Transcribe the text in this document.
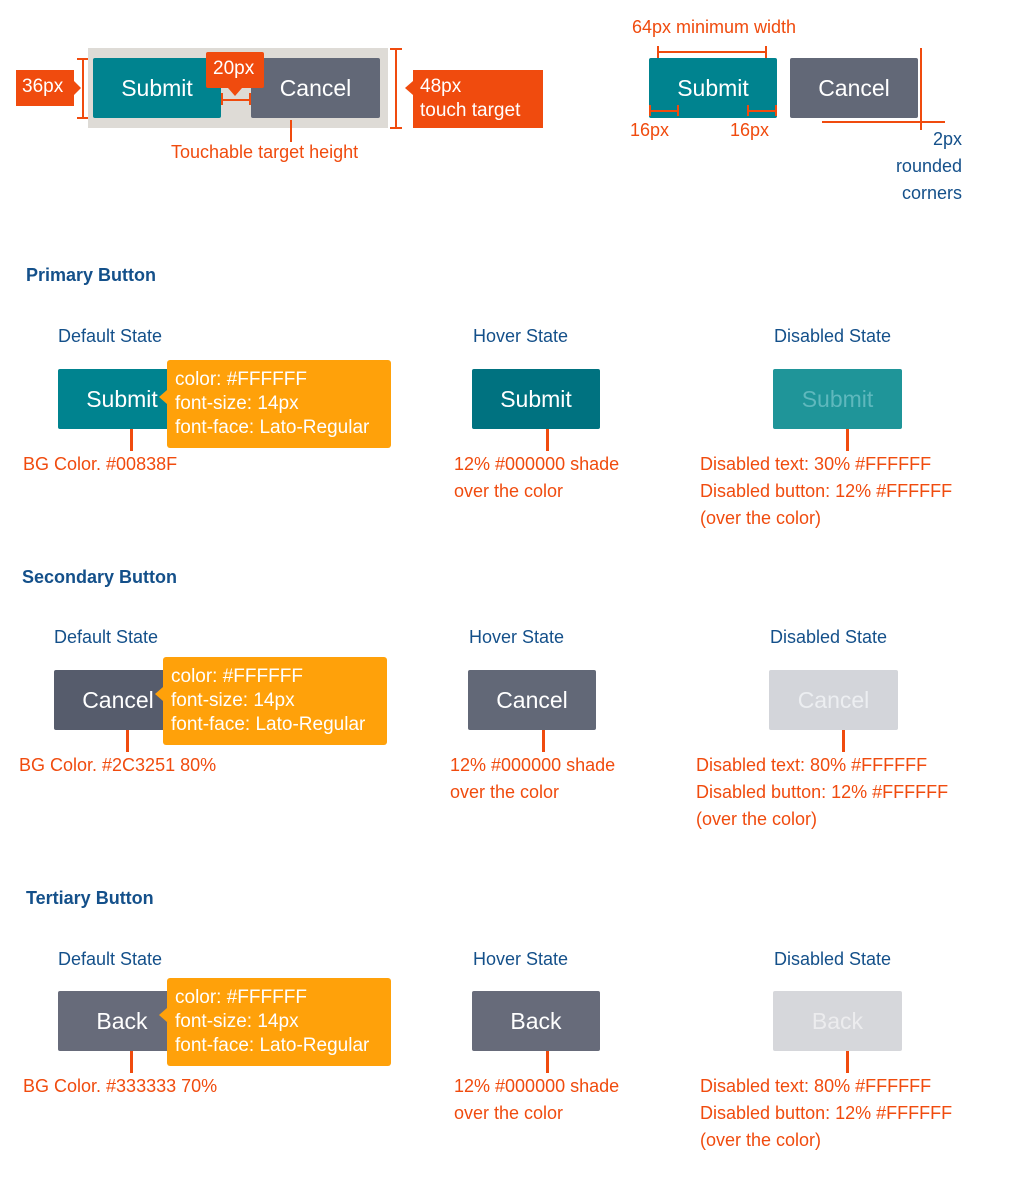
Submit	Cancel
36px
20px
48px
touch target
Touchable target height
64px minimum width
Submit	Cancel
16px	16px	2px
rounded
corners
Primary Button
Default State	Hover State	Disabled State
Submit
color: #FFFFFF
font-size: 14px
font-face: Lato-Regular
BG Color. #00838F
Submit
12% #000000 shade
over the color
Submit
Disabled text: 30% #FFFFFF
Disabled button: 12% #FFFFFF
(over the color)
Secondary Button
Default State	Hover State	Disabled State
Cancel
color: #FFFFFF
font-size: 14px
font-face: Lato-Regular
BG Color. #2C3251 80%
Cancel
12% #000000 shade
over the color
Cancel
Disabled text: 80% #FFFFFF
Disabled button: 12% #FFFFFF
(over the color)
Tertiary Button
Default State	Hover State	Disabled State
Back
color: #FFFFFF
font-size: 14px
font-face: Lato-Regular
BG Color. #333333 70%
Back
12% #000000 shade
over the color
Back
Disabled text: 80% #FFFFFF
Disabled button: 12% #FFFFFF
(over the color)
